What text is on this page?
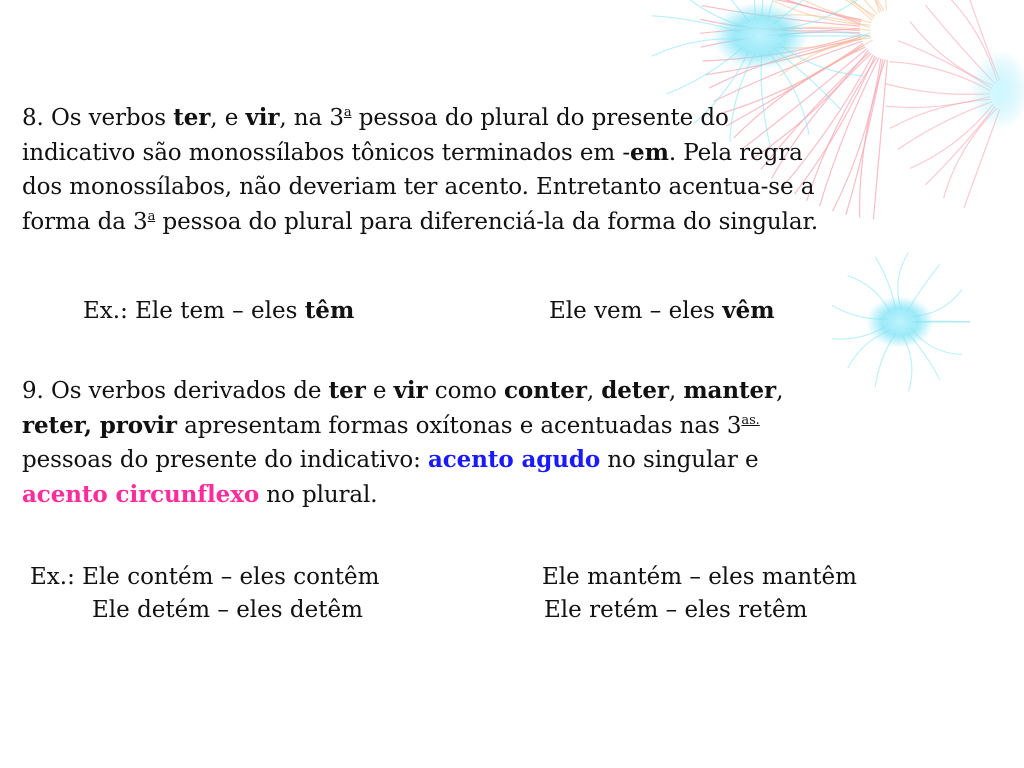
8. Os verbos ter, e vir, na 3$^a$ pessoa do plural do presente do
indicativo são monossílabos tônicos terminados em -em. Pela regra
dos monossílabos, não deveriam ter acento. Entretanto acentua-se a
forma da 3$^a$ pessoa do plural para diferenciá-la da forma do singular.

Ex.: Ele tem – eles têm	Ele vem – eles vêm

9. Os verbos derivados de ter e vir como conter, deter, manter,
reter, provir apresentam formas oxítonas e acentuadas nas $3^{as.}$
pessoas do presente do indicativo: acento agudo no singular e
acento circunflexo no plural.

Ex.: Ele contém – eles contêm	Ele mantém – eles mantêm
Ele detém – eles detêm	Ele retém – eles retêm
